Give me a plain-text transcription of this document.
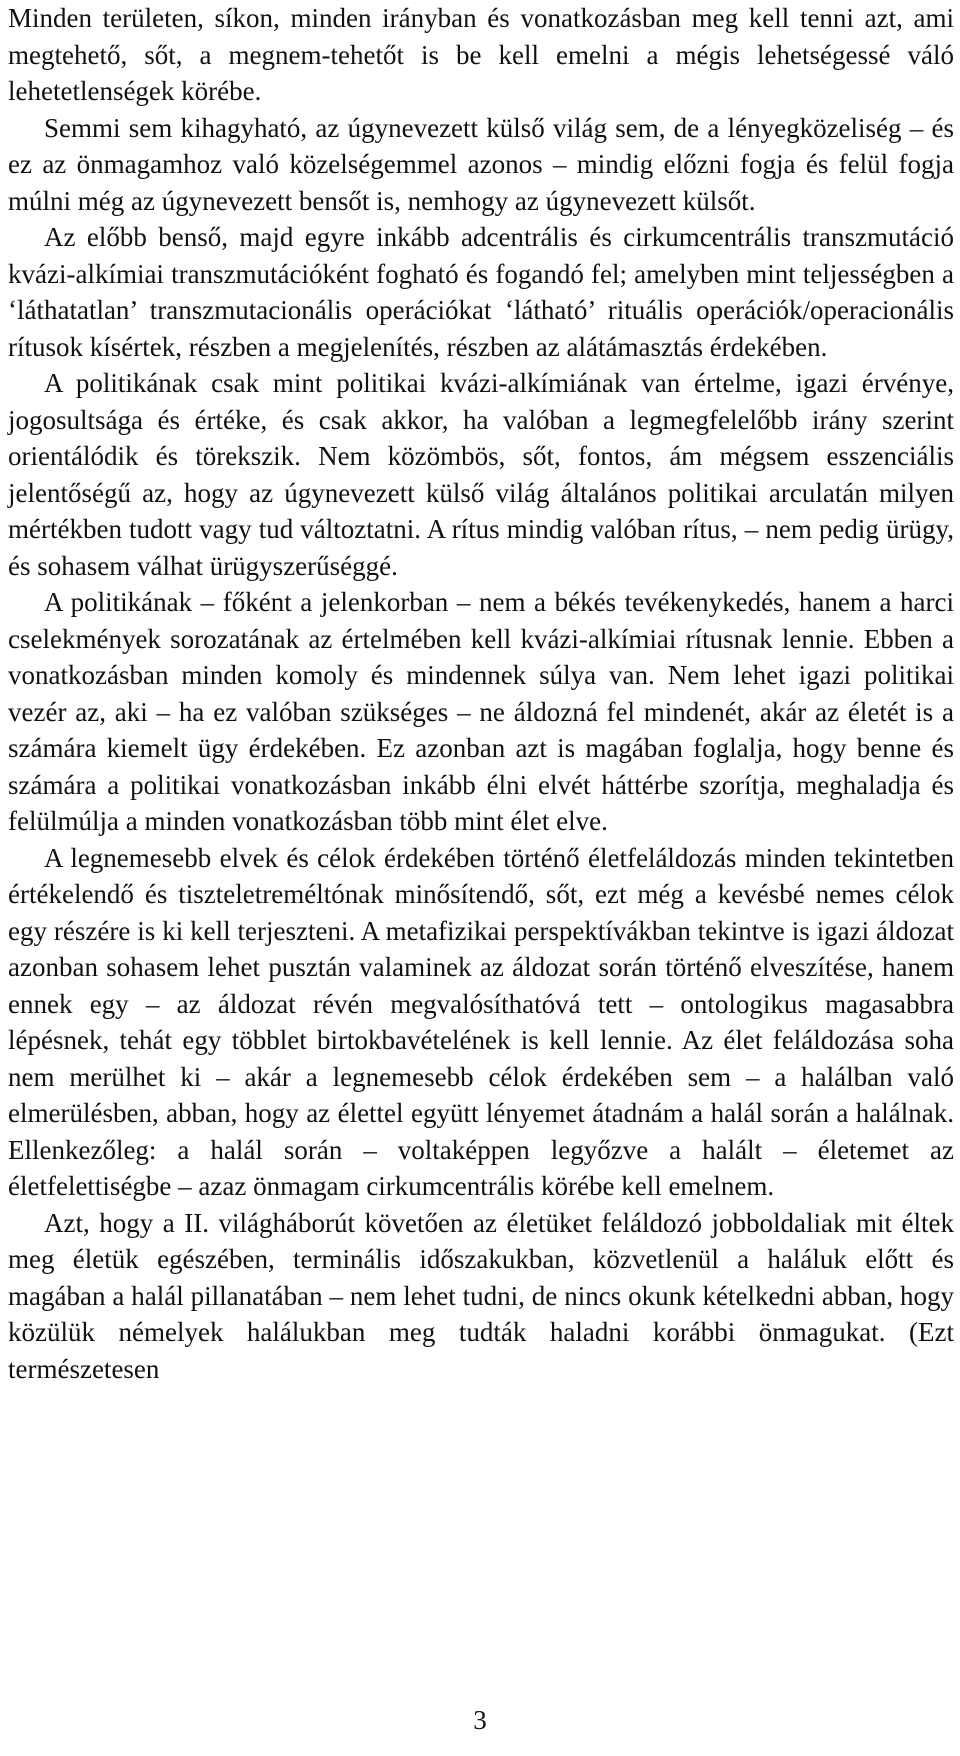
Minden területen, síkon, minden irányban és vonatkozásban meg kell tenni azt, ami megtehető, sőt, a megnem-tehetőt is be kell emelni a mégis lehetségessé váló lehetetlenségek körébe.

Semmi sem kihagyható, az úgynevezett külső világ sem, de a lényegközeliség – és ez az önmagamhoz való közelségemmel azonos – mindig előzni fogja és felül fogja múlni még az úgynevezett bensőt is, nemhogy az úgynevezett külsőt.

Az előbb benső, majd egyre inkább adcentrális és cirkumcentrális transzmutáció kvázi-alkímiai transzmutációként fogható és fogandó fel; amelyben mint teljességben a ‘láthatatlan’ transzmutacionális operációkat ‘látható’ rituális operációk/operacionális rítusok kísértek, részben a megjelenítés, részben az alátámasztás érdekében.

A politikának csak mint politikai kvázi-alkímiának van értelme, igazi érvénye, jogosultsága és értéke, és csak akkor, ha valóban a legmegfelelőbb irány szerint orientálódik és törekszik. Nem közömbös, sőt, fontos, ám mégsem esszenciális jelentőségű az, hogy az úgynevezett külső világ általános politikai arculatán milyen mértékben tudott vagy tud változtatni. A rítus mindig valóban rítus, – nem pedig ürügy, és sohasem válhat ürügyszerűséggé.

A politikának – főként a jelenkorban – nem a békés tevékenykedés, hanem a harci cselekmények sorozatának az értelmében kell kvázi-alkímiai rítusnak lennie. Ebben a vonatkozásban minden komoly és mindennek súlya van. Nem lehet igazi politikai vezér az, aki – ha ez valóban szükséges – ne áldozná fel mindenét, akár az életét is a számára kiemelt ügy érdekében. Ez azonban azt is magában foglalja, hogy benne és számára a politikai vonatkozásban inkább élni elvét háttérbe szorítja, meghaladja és felülmúlja a minden vonatkozásban több mint élet elve.

A legnemesebb elvek és célok érdekében történő életfeláldozás minden tekintetben értékelendő és tiszteletreméltónak minősítendő, sőt, ezt még a kevésbé nemes célok egy részére is ki kell terjeszteni. A metafizikai perspektívákban tekintve is igazi áldozat azonban sohasem lehet pusztán valaminek az áldozat során történő elveszítése, hanem ennek egy – az áldozat révén megvalósíthatóvá tett – ontologikus magasabbra lépésnek, tehát egy többlet birtokbavételének is kell lennie. Az élet feláldozása soha nem merülhet ki – akár a legnemesebb célok érdekében sem – a halálban való elmerülésben, abban, hogy az élettel együtt lényemet átadnám a halál során a halálnak. Ellenkezőleg: a halál során – voltaképpen legyőzve a halált – életemet az életfelettiségbe – azaz önmagam cirkumcentrális körébe kell emelnem.

Azt, hogy a II. világháborút követően az életüket feláldozó jobboldaliak mit éltek meg életük egészében, terminális időszakukban, közvetlenül a haláluk előtt és magában a halál pillanatában – nem lehet tudni, de nincs okunk kételkedni abban, hogy közülük némelyek halálukban meg tudták haladni korábbi önmagukat. (Ezt természetesen

3
